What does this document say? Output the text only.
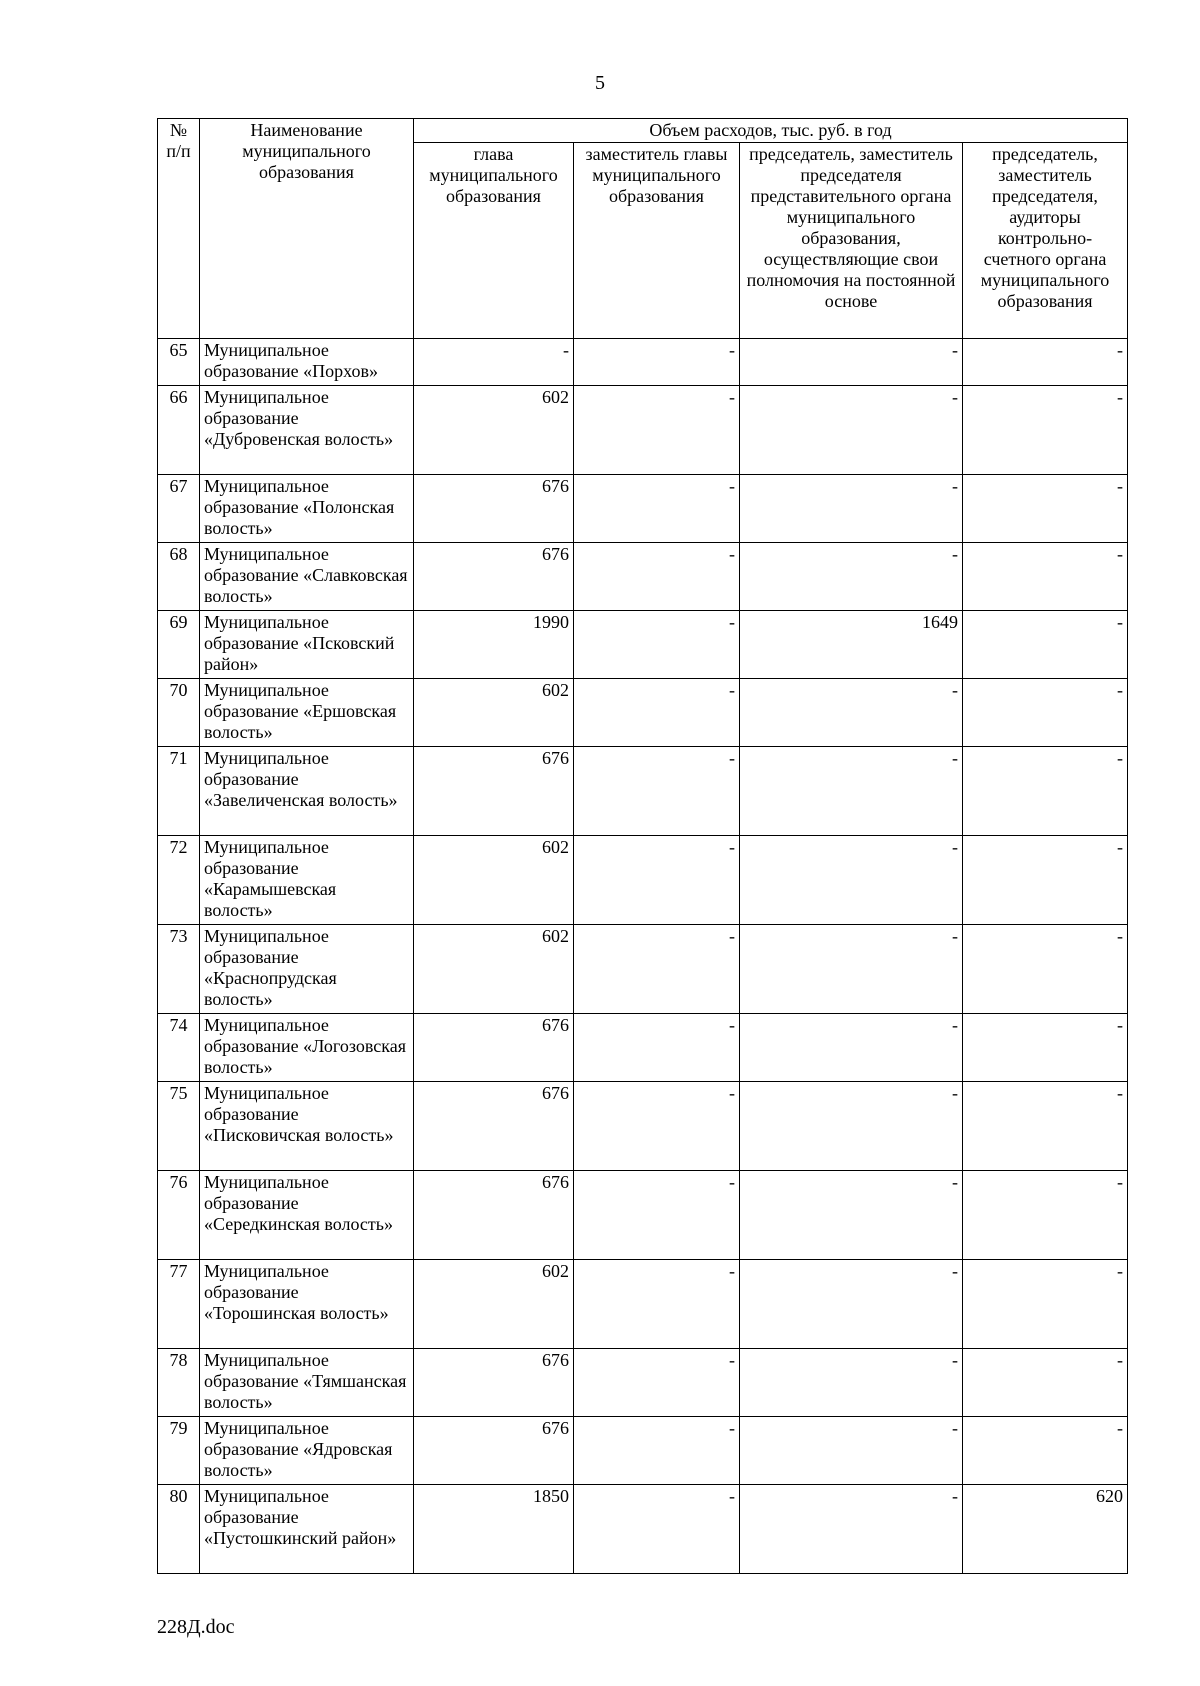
5
№ п/п	Наименование муниципального образования	Объем расходов, тыс. руб. в год			
		глава муниципального образования	заместитель главы муниципального образования	председатель, заместитель председателя представительного органа муниципального образования, осуществляющие свои полномочия на постоянной основе	председатель, заместитель председателя, аудиторы контрольно-счетного органа муниципального образования
65	Муниципальное образование «Порхов»	-	-	-	-
66	Муниципальное образование «Дубровенская волость»	602	-	-	-
67	Муниципальное образование «Полонская волость»	676	-	-	-
68	Муниципальное образование «Славковская волость»	676	-	-	-
69	Муниципальное образование «Псковский район»	1990	-	1649	-
70	Муниципальное образование «Ершовская волость»	602	-	-	-
71	Муниципальное образование «Завеличенская волость»	676	-	-	-
72	Муниципальное образование «Карамышевская волость»	602	-	-	-
73	Муниципальное образование «Краснопрудская волость»	602	-	-	-
74	Муниципальное образование «Логозовская волость»	676	-	-	-
75	Муниципальное образование «Писковичская волость»	676	-	-	-
76	Муниципальное образование «Середкинская волость»	676	-	-	-
77	Муниципальное образование «Торошинская волость»	602	-	-	-
78	Муниципальное образование «Тямшанская волость»	676	-	-	-
79	Муниципальное образование «Ядровская волость»	676	-	-	-
80	Муниципальное образование «Пустошкинский район»	1850	-	-	620
228Д.doc
